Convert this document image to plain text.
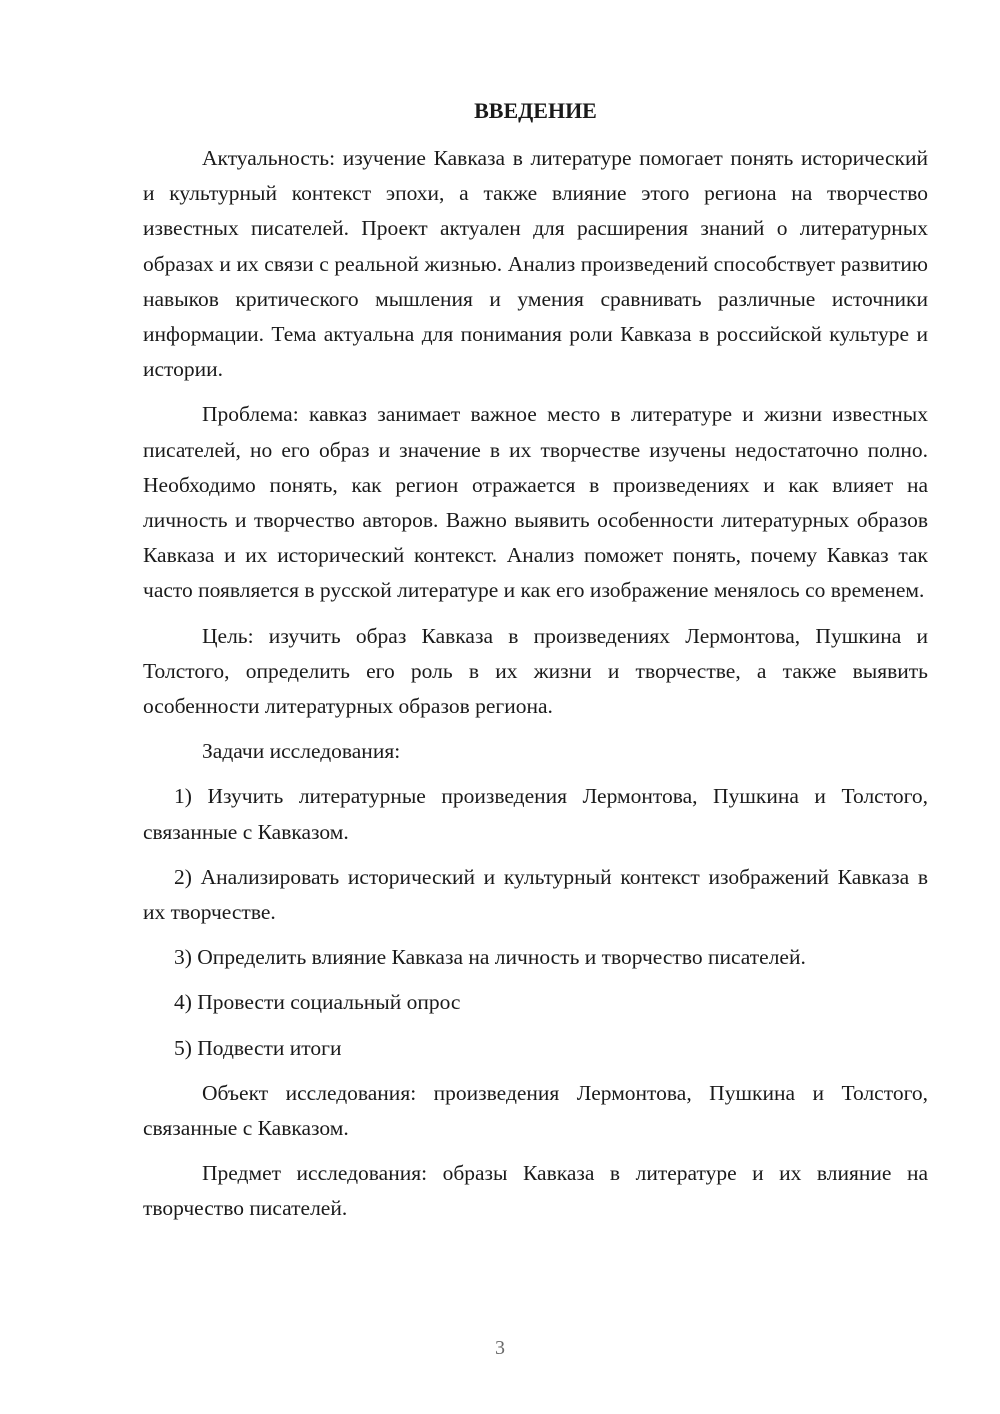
ВВЕДЕНИЕ

Актуальность: изучение Кавказа в литературе помогает понять исторический и культурный контекст эпохи, а также влияние этого региона на творчество известных писателей. Проект актуален для расширения знаний о литературных образах и их связи с реальной жизнью. Анализ произведений способствует развитию навыков критического мышления и умения сравнивать различные источники информации. Тема актуальна для понимания роли Кавказа в российской культуре и истории.

Проблема: кавказ занимает важное место в литературе и жизни известных писателей, но его образ и значение в их творчестве изучены недостаточно полно. Необходимо понять, как регион отражается в произведениях и как влияет на личность и творчество авторов. Важно выявить особенности литературных образов Кавказа и их исторический контекст. Анализ поможет понять, почему Кавказ так часто появляется в русской литературе и как его изображение менялось со временем.

Цель: изучить образ Кавказа в произведениях Лермонтова, Пушкина и Толстого, определить его роль в их жизни и творчестве, а также выявить особенности литературных образов региона.

Задачи исследования:

1) Изучить литературные произведения Лермонтова, Пушкина и Толстого, связанные с Кавказом.

2) Анализировать исторический и культурный контекст изображений Кавказа в их творчестве.

3) Определить влияние Кавказа на личность и творчество писателей.

4) Провести социальный опрос

5) Подвести итоги

Объект исследования: произведения Лермонтова, Пушкина и Толстого, связанные с Кавказом.

Предмет исследования: образы Кавказа в литературе и их влияние на творчество писателей.

3
